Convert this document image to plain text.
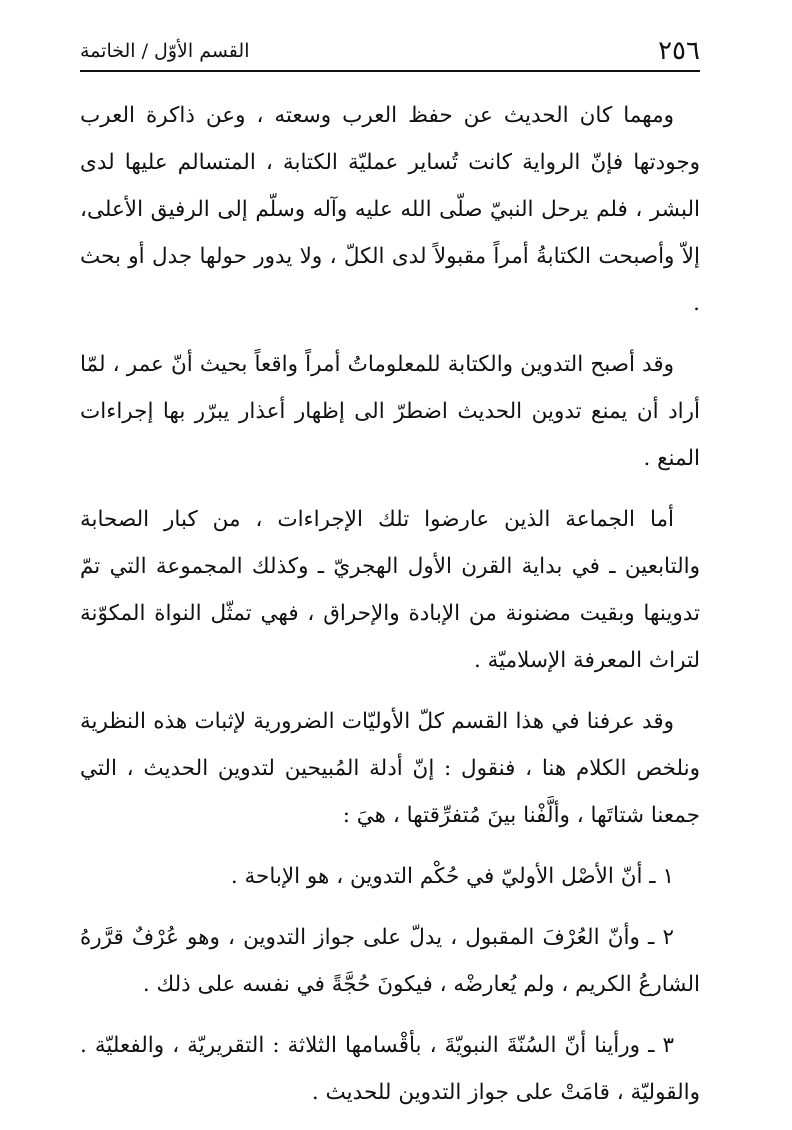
٢٥٦
القسم الأوّل / الخاتمة

ومهما كان الحديث عن حفظ العرب وسعته ، وعن ذاكرة العرب وجودتها فإنّ الرواية كانت تُساير عمليّة الكتابة ، المتسالم عليها لدى البشر ، فلم يرحل النبيّ صلّى الله عليه وآله وسلّم إلى الرفيق الأعلى، إلاّ وأصبحت الكتابةُ أمراً مقبولاً لدى الكلّ ، ولا يدور حولها جدل أو بحث .

وقد أصبح التدوين والكتابة للمعلوماتُ أمراً واقعاً بحيث أنّ عمر ، لمّا أراد أن يمنع تدوين الحديث اضطرّ الى إظهار أعذار يبرّر بها إجراءات المنع .

أما الجماعة الذين عارضوا تلك الإجراءات ، من كبار الصحابة والتابعين ـ في بداية القرن الأول الهجريّ ـ وكذلك المجموعة التي تمّ تدوينها وبقيت مضنونة من الإبادة والإحراق ، فهي تمثّل النواة المكوّنة لتراث المعرفة الإسلاميّة .

وقد عرفنا في هذا القسم كلّ الأوليّات الضرورية لإثبات هذه النظرية ونلخص الكلام هنا ، فنقول : إنّ أدلة المُبيحين لتدوين الحديث ، التي جمعنا شتاتَها ، وألَّفْنا بينَ مُتفرِّقتها ، هيَ :

١ ـ أنّ الأصْل الأوليّ في حُكْم التدوين ، هو الإباحة .

٢ ـ وأنّ العُرْفَ المقبول ، يدلّ على جواز التدوين ، وهو عُرْفٌ قرَّرهُ الشارعُ الكريم ، ولم يُعارضْه ، فيكونَ حُجَّةً في نفسه على ذلك .

٣ ـ ورأينا أنّ السُنّةَ النبويّةَ ، بأقْسامها الثلاثة : التقريريّة ، والفعليّة . والقوليّة ، قامَتْ على جواز التدوين للحديث .
